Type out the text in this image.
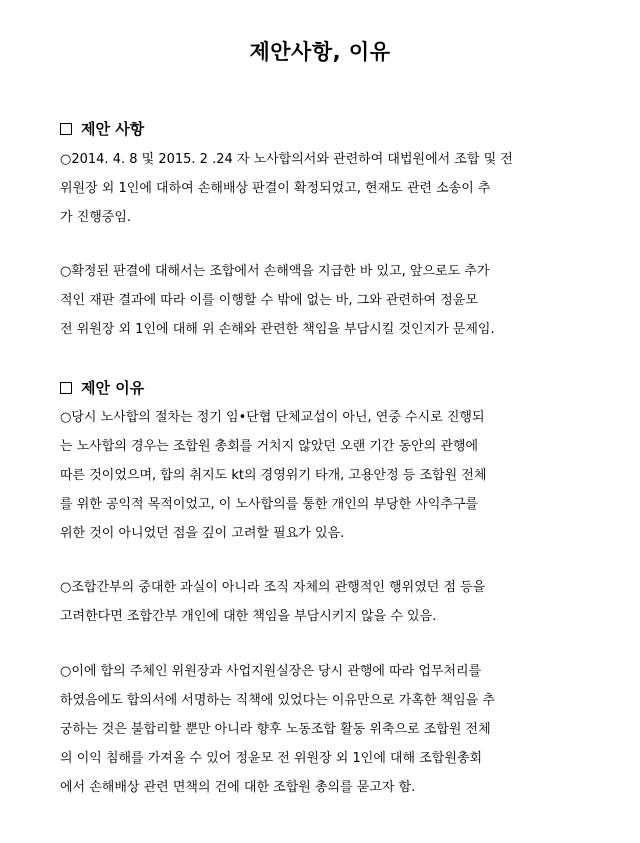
제안사항, 이유
제안 사항
○2014. 4. 8 및 2015. 2 .24 자 노사합의서와 관련하여 대법원에서 조합 및 전
위원장 외 1인에 대하여 손해배상 판결이 확정되었고, 현재도 관련 소송이 추
가 진행중임.
○확정된 판결에 대해서는 조합에서 손해액을 지급한 바 있고, 앞으로도 추가
적인 재판 결과에 따라 이를 이행할 수 밖에 없는 바, 그와 관련하여 정윤모
전 위원장 외 1인에 대해 위 손해와 관련한 책임을 부담시킬 것인지가 문제임.
제안 이유
○당시 노사합의 절차는 정기 임•단협 단체교섭이 아닌, 연중 수시로 진행되
는 노사합의 경우는 조합원 총회를 거치지 않았던 오랜 기간 동안의 관행에
따른 것이었으며, 합의 취지도 kt의 경영위기 타개, 고용안정 등 조합원 전체
를 위한 공익적 목적이었고, 이 노사합의를 통한 개인의 부당한 사익추구를
위한 것이 아니었던 점을 깊이 고려할 필요가 있음.
○조합간부의 중대한 과실이 아니라 조직 자체의 관행적인 행위였던 점 등을
고려한다면 조합간부 개인에 대한 책임을 부담시키지 않을 수 있음.
○이에 합의 주체인 위원장과 사업지원실장은 당시 관행에 따라 업무처리를
하였음에도 합의서에 서명하는 직책에 있었다는 이유만으로 가혹한 책임을 추
궁하는 것은 불합리할 뿐만 아니라 향후 노동조합 활동 위축으로 조합원 전체
의 이익 침해를 가져올 수 있어 정윤모 전 위원장 외 1인에 대해 조합원총회
에서 손해배상 관련 면책의 건에 대한 조합원 총의를 묻고자 함.
